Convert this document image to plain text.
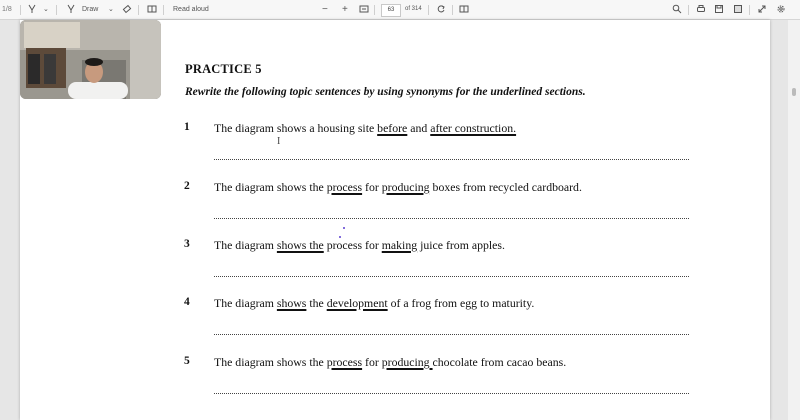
1/8	⌄	Draw ⌄	Read aloud	− +	63	of 314
PRACTICE 5
Rewrite the following topic sentences by using synonyms for the underlined sections.
1 The diagram shows a housing site before and after construction.
2 The diagram shows the process for producing boxes from recycled cardboard.
3 The diagram shows the process for making juice from apples.
4 The diagram shows the development of a frog from egg to maturity.
5 The diagram shows the process for producing chocolate from cacao beans.
I
